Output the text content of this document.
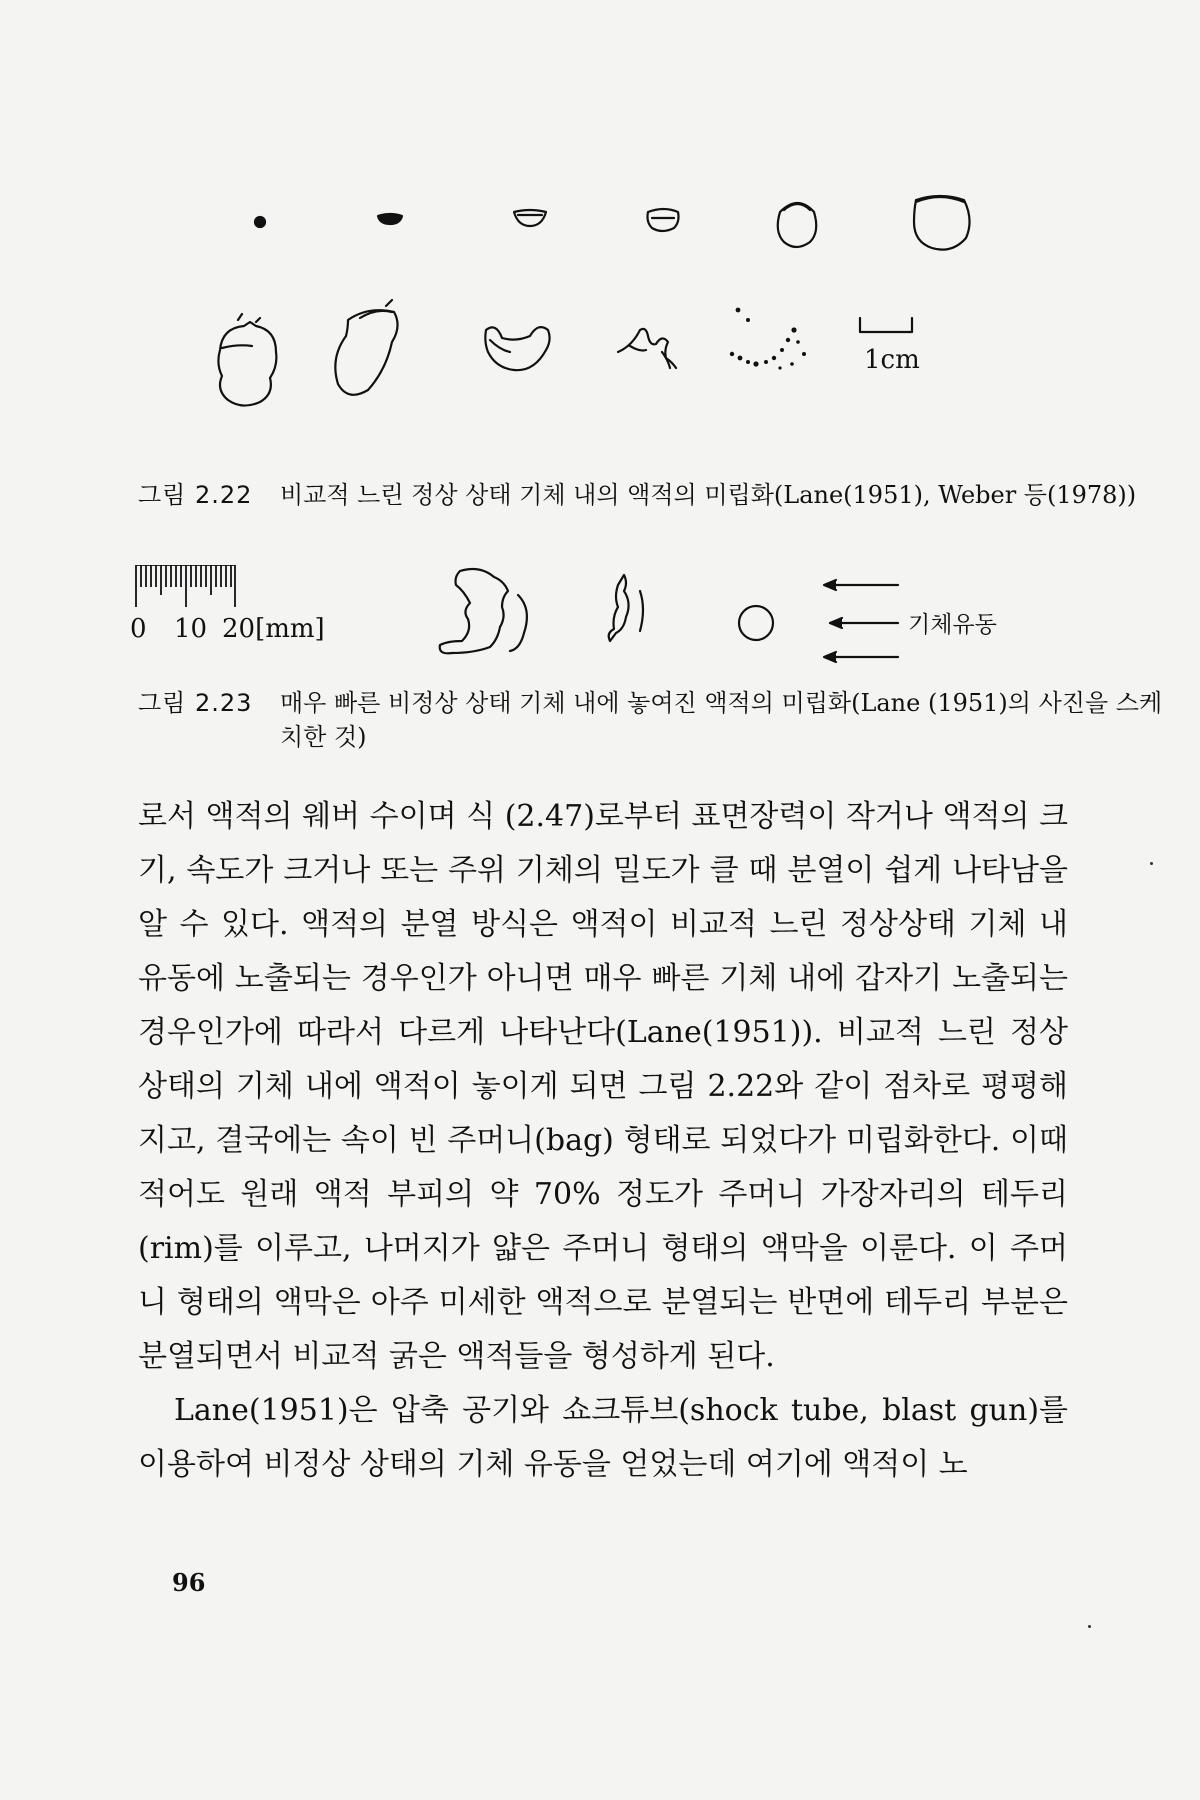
1cm
그림 2.22 비교적 느린 정상 상태 기체 내의 액적의 미립화(Lane(1951), Weber 등(1978))
0 10 20[mm]	기체유동
그림 2.23 매우 빠른 비정상 상태 기체 내에 놓여진 액적의 미립화(Lane (1951)의 사진을 스케치한 것)

로서 액적의 웨버 수이며 식 (2.47)로부터 표면장력이 작거나 액적의 크기, 속도가 크거나 또는 주위 기체의 밀도가 클 때 분열이 쉽게 나타남을 알 수 있다. 액적의 분열 방식은 액적이 비교적 느린 정상상태 기체 내 유동에 노출되는 경우인가 아니면 매우 빠른 기체 내에 갑자기 노출되는 경우인가에 따라서 다르게 나타난다(Lane(1951)). 비교적 느린 정상상태의 기체 내에 액적이 놓이게 되면 그림 2.22와 같이 점차로 평평해지고, 결국에는 속이 빈 주머니(bag) 형태로 되었다가 미립화한다. 이때 적어도 원래 액적 부피의 약 70% 정도가 주머니 가장자리의 테두리(rim)를 이루고, 나머지가 얇은 주머니 형태의 액막을 이룬다. 이 주머니 형태의 액막은 아주 미세한 액적으로 분열되는 반면에 테두리 부분은 분열되면서 비교적 굵은 액적들을 형성하게 된다.

Lane(1951)은 압축 공기와 쇼크튜브(shock tube, blast gun)를 이용하여 비정상 상태의 기체 유동을 얻었는데 여기에 액적이 노

96
